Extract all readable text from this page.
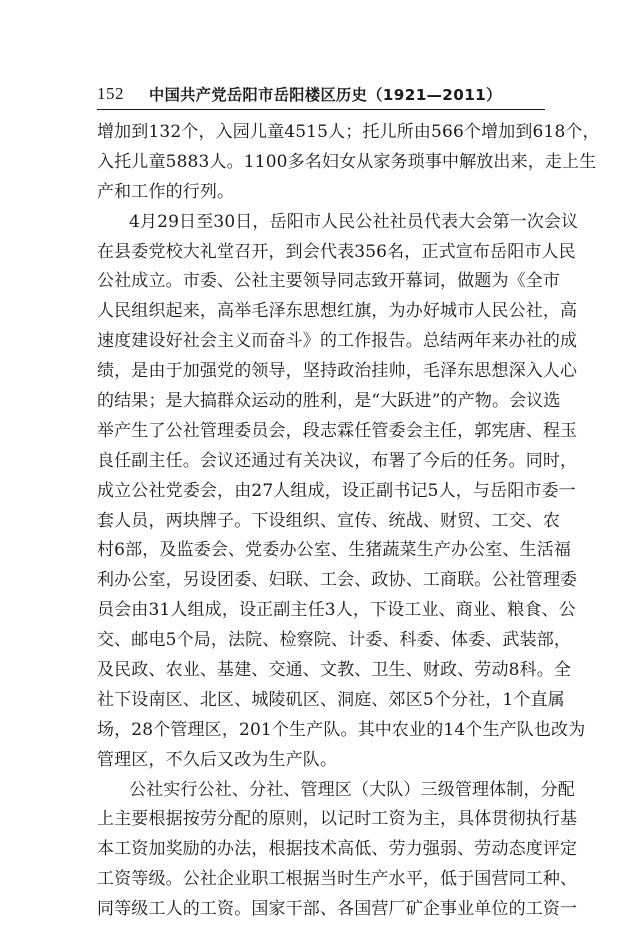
152 中国共产党岳阳市岳阳楼区历史（1921—2011）
增加到132个，入园儿童4515人；托儿所由566个增加到618个，
入托儿童5883人。1100多名妇女从家务琐事中解放出来，走上生
产和工作的行列。
4月29日至30日，岳阳市人民公社社员代表大会第一次会议
在县委党校大礼堂召开，到会代表356名，正式宣布岳阳市人民
公社成立。市委、公社主要领导同志致开幕词，做题为《全市
人民组织起来，高举毛泽东思想红旗，为办好城市人民公社，高
速度建设好社会主义而奋斗》的工作报告。总结两年来办社的成
绩，是由于加强党的领导，坚持政治挂帅，毛泽东思想深入人心
的结果；是大搞群众运动的胜利，是“大跃进”的产物。会议选
举产生了公社管理委员会，段志霖任管委会主任，郭宪唐、程玉
良任副主任。会议还通过有关决议，布署了今后的任务。同时，
成立公社党委会，由27人组成，设正副书记5人，与岳阳市委一
套人员，两块牌子。下设组织、宣传、统战、财贸、工交、农
村6部，及监委会、党委办公室、生猪蔬菜生产办公室、生活福
利办公室，另设团委、妇联、工会、政协、工商联。公社管理委
员会由31人组成，设正副主任3人，下设工业、商业、粮食、公
交、邮电5个局，法院、检察院、计委、科委、体委、武装部，
及民政、农业、基建、交通、文教、卫生、财政、劳动8科。全
社下设南区、北区、城陵矶区、洞庭、郊区5个分社，1个直属
场，28个管理区，201个生产队。其中农业的14个生产队也改为
管理区，不久后又改为生产队。
公社实行公社、分社、管理区（大队）三级管理体制，分配
上主要根据按劳分配的原则，以记时工资为主，具体贯彻执行基
本工资加奖励的办法，根据技术高低、劳力强弱、劳动态度评定
工资等级。公社企业职工根据当时生产水平，低于国营同工种、
同等级工人的工资。国家干部、各国营厂矿企事业单位的工资一
